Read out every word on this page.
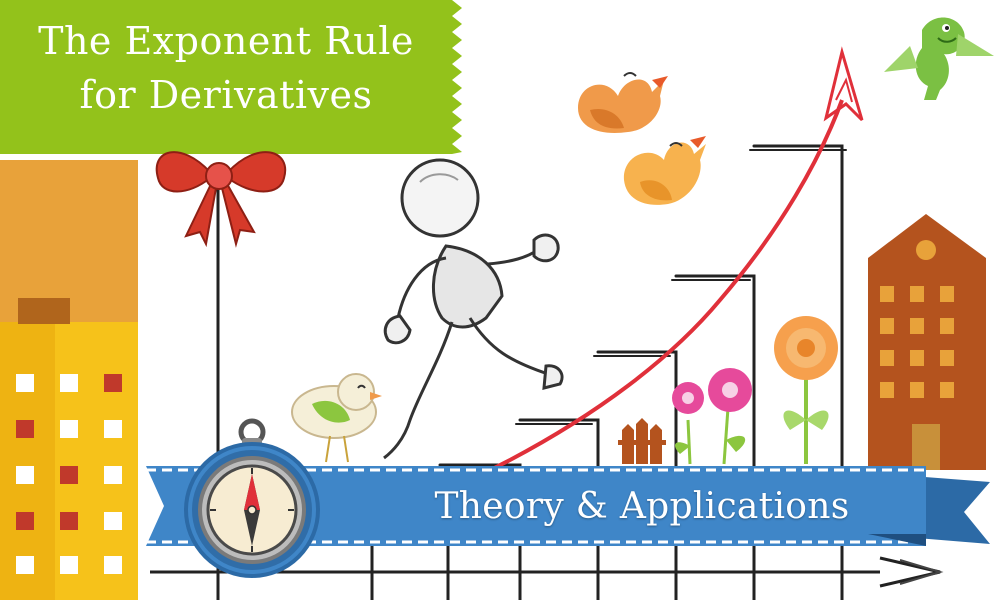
The Exponent Rule
for Derivatives
Theory & Applications
